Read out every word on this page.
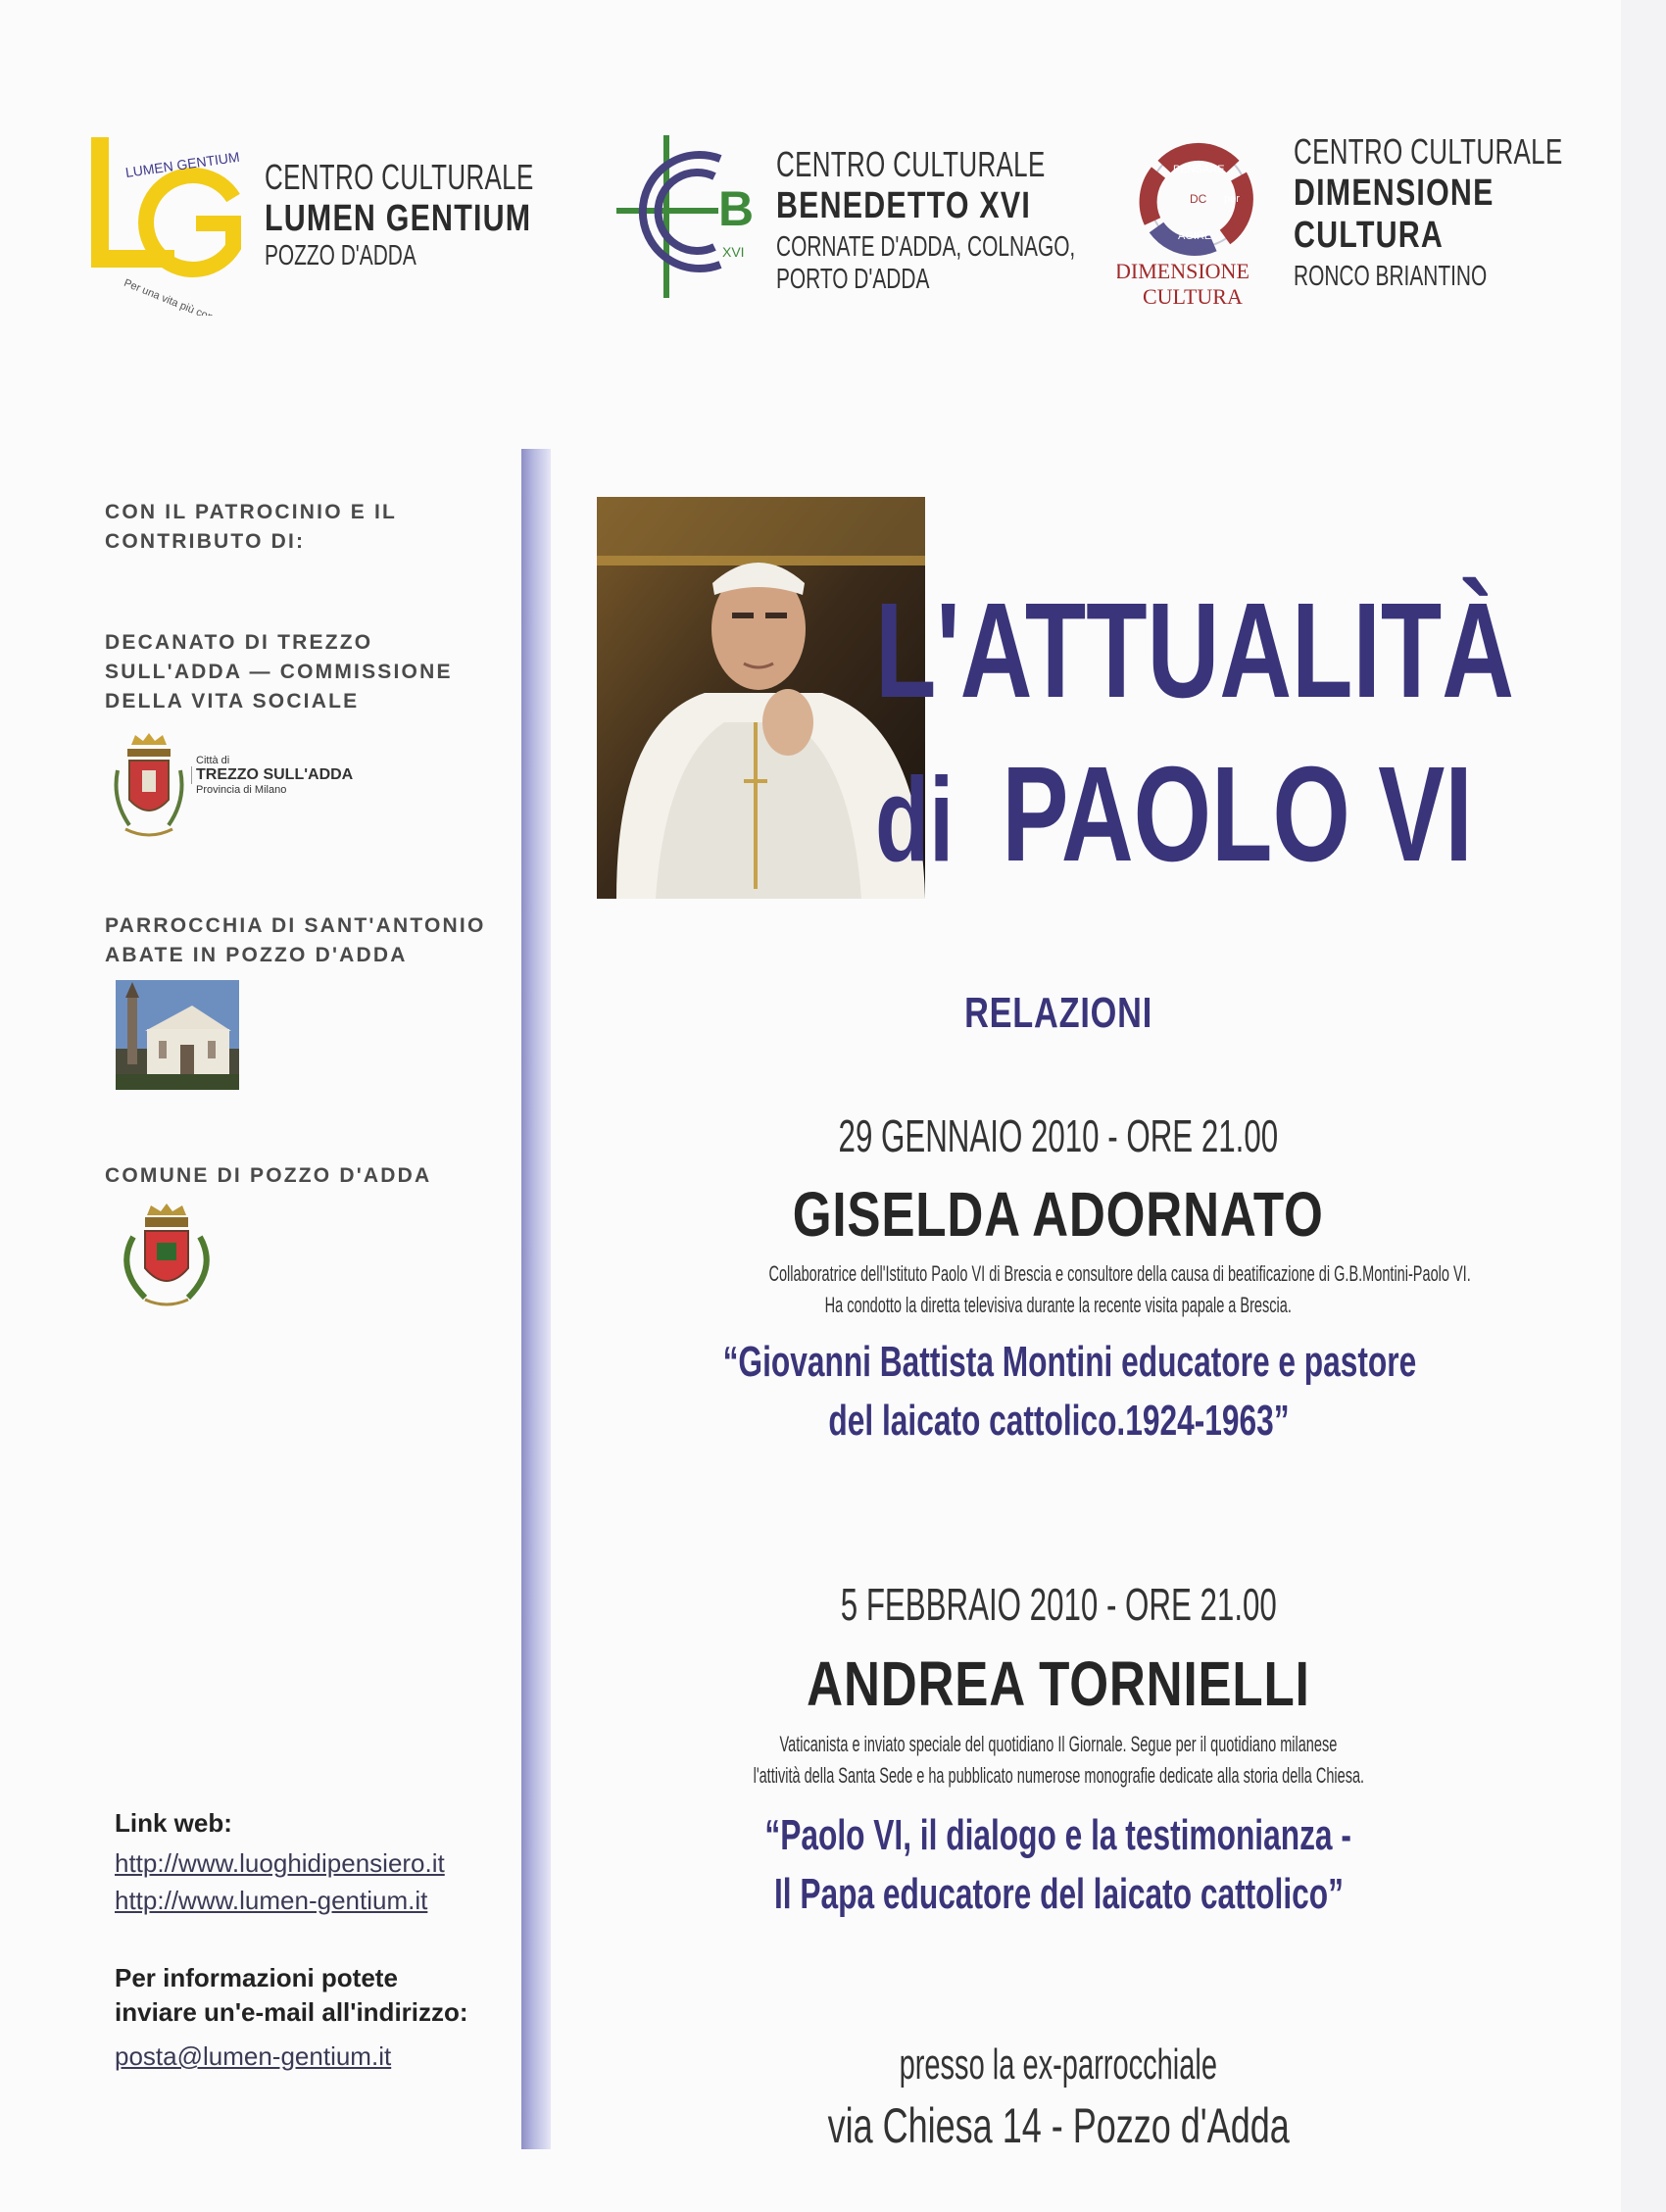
LUMEN GENTIUM
Per una vita più consapevole...
CENTRO CULTURALE
LUMEN GENTIUM
POZZO D'ADDA
B
XVI
CENTRO CULTURALE
BENEDETTO XVI
CORNATE D'ADDA, COLNAGO,
PORTO D'ADDA
PENSARE
per
AGIRE
DC
DIMENSIONE
CULTURA
CENTRO CULTURALE
DIMENSIONE
CULTURA
RONCO BRIANTINO
CON IL PATROCINIO E IL
CONTRIBUTO DI:
DECANATO DI TREZZO
SULL'ADDA — COMMISSIONE
DELLA VITA SOCIALE
Città di
TREZZO SULL'ADDA
Provincia di Milano
PARROCCHIA DI SANT'ANTONIO
ABATE IN POZZO D'ADDA
COMUNE DI POZZO D'ADDA
Link web:
http://www.luoghidipensiero.it
http://www.lumen-gentium.it
Per informazioni potete
inviare un'e-mail all'indirizzo:
posta@lumen-gentium.it
L'ATTUALITÀ
di PAOLO VI
RELAZIONI
29 GENNAIO 2010 - ORE 21.00
GISELDA ADORNATO
Collaboratrice dell'Istituto Paolo VI di Brescia e consultore della causa di beatificazione di G.B.Montini-Paolo VI.
Ha condotto la diretta televisiva durante la recente visita papale a Brescia.
“Giovanni Battista Montini educatore e pastore
del laicato cattolico.1924-1963”
5 FEBBRAIO 2010 - ORE 21.00
ANDREA TORNIELLI
Vaticanista e inviato speciale del quotidiano Il Giornale. Segue per il quotidiano milanese
l'attività della Santa Sede e ha pubblicato numerose monografie dedicate alla storia della Chiesa.
“Paolo VI, il dialogo e la testimonianza -
Il Papa educatore del laicato cattolico”
presso la ex-parrocchiale
via Chiesa 14 - Pozzo d'Adda
